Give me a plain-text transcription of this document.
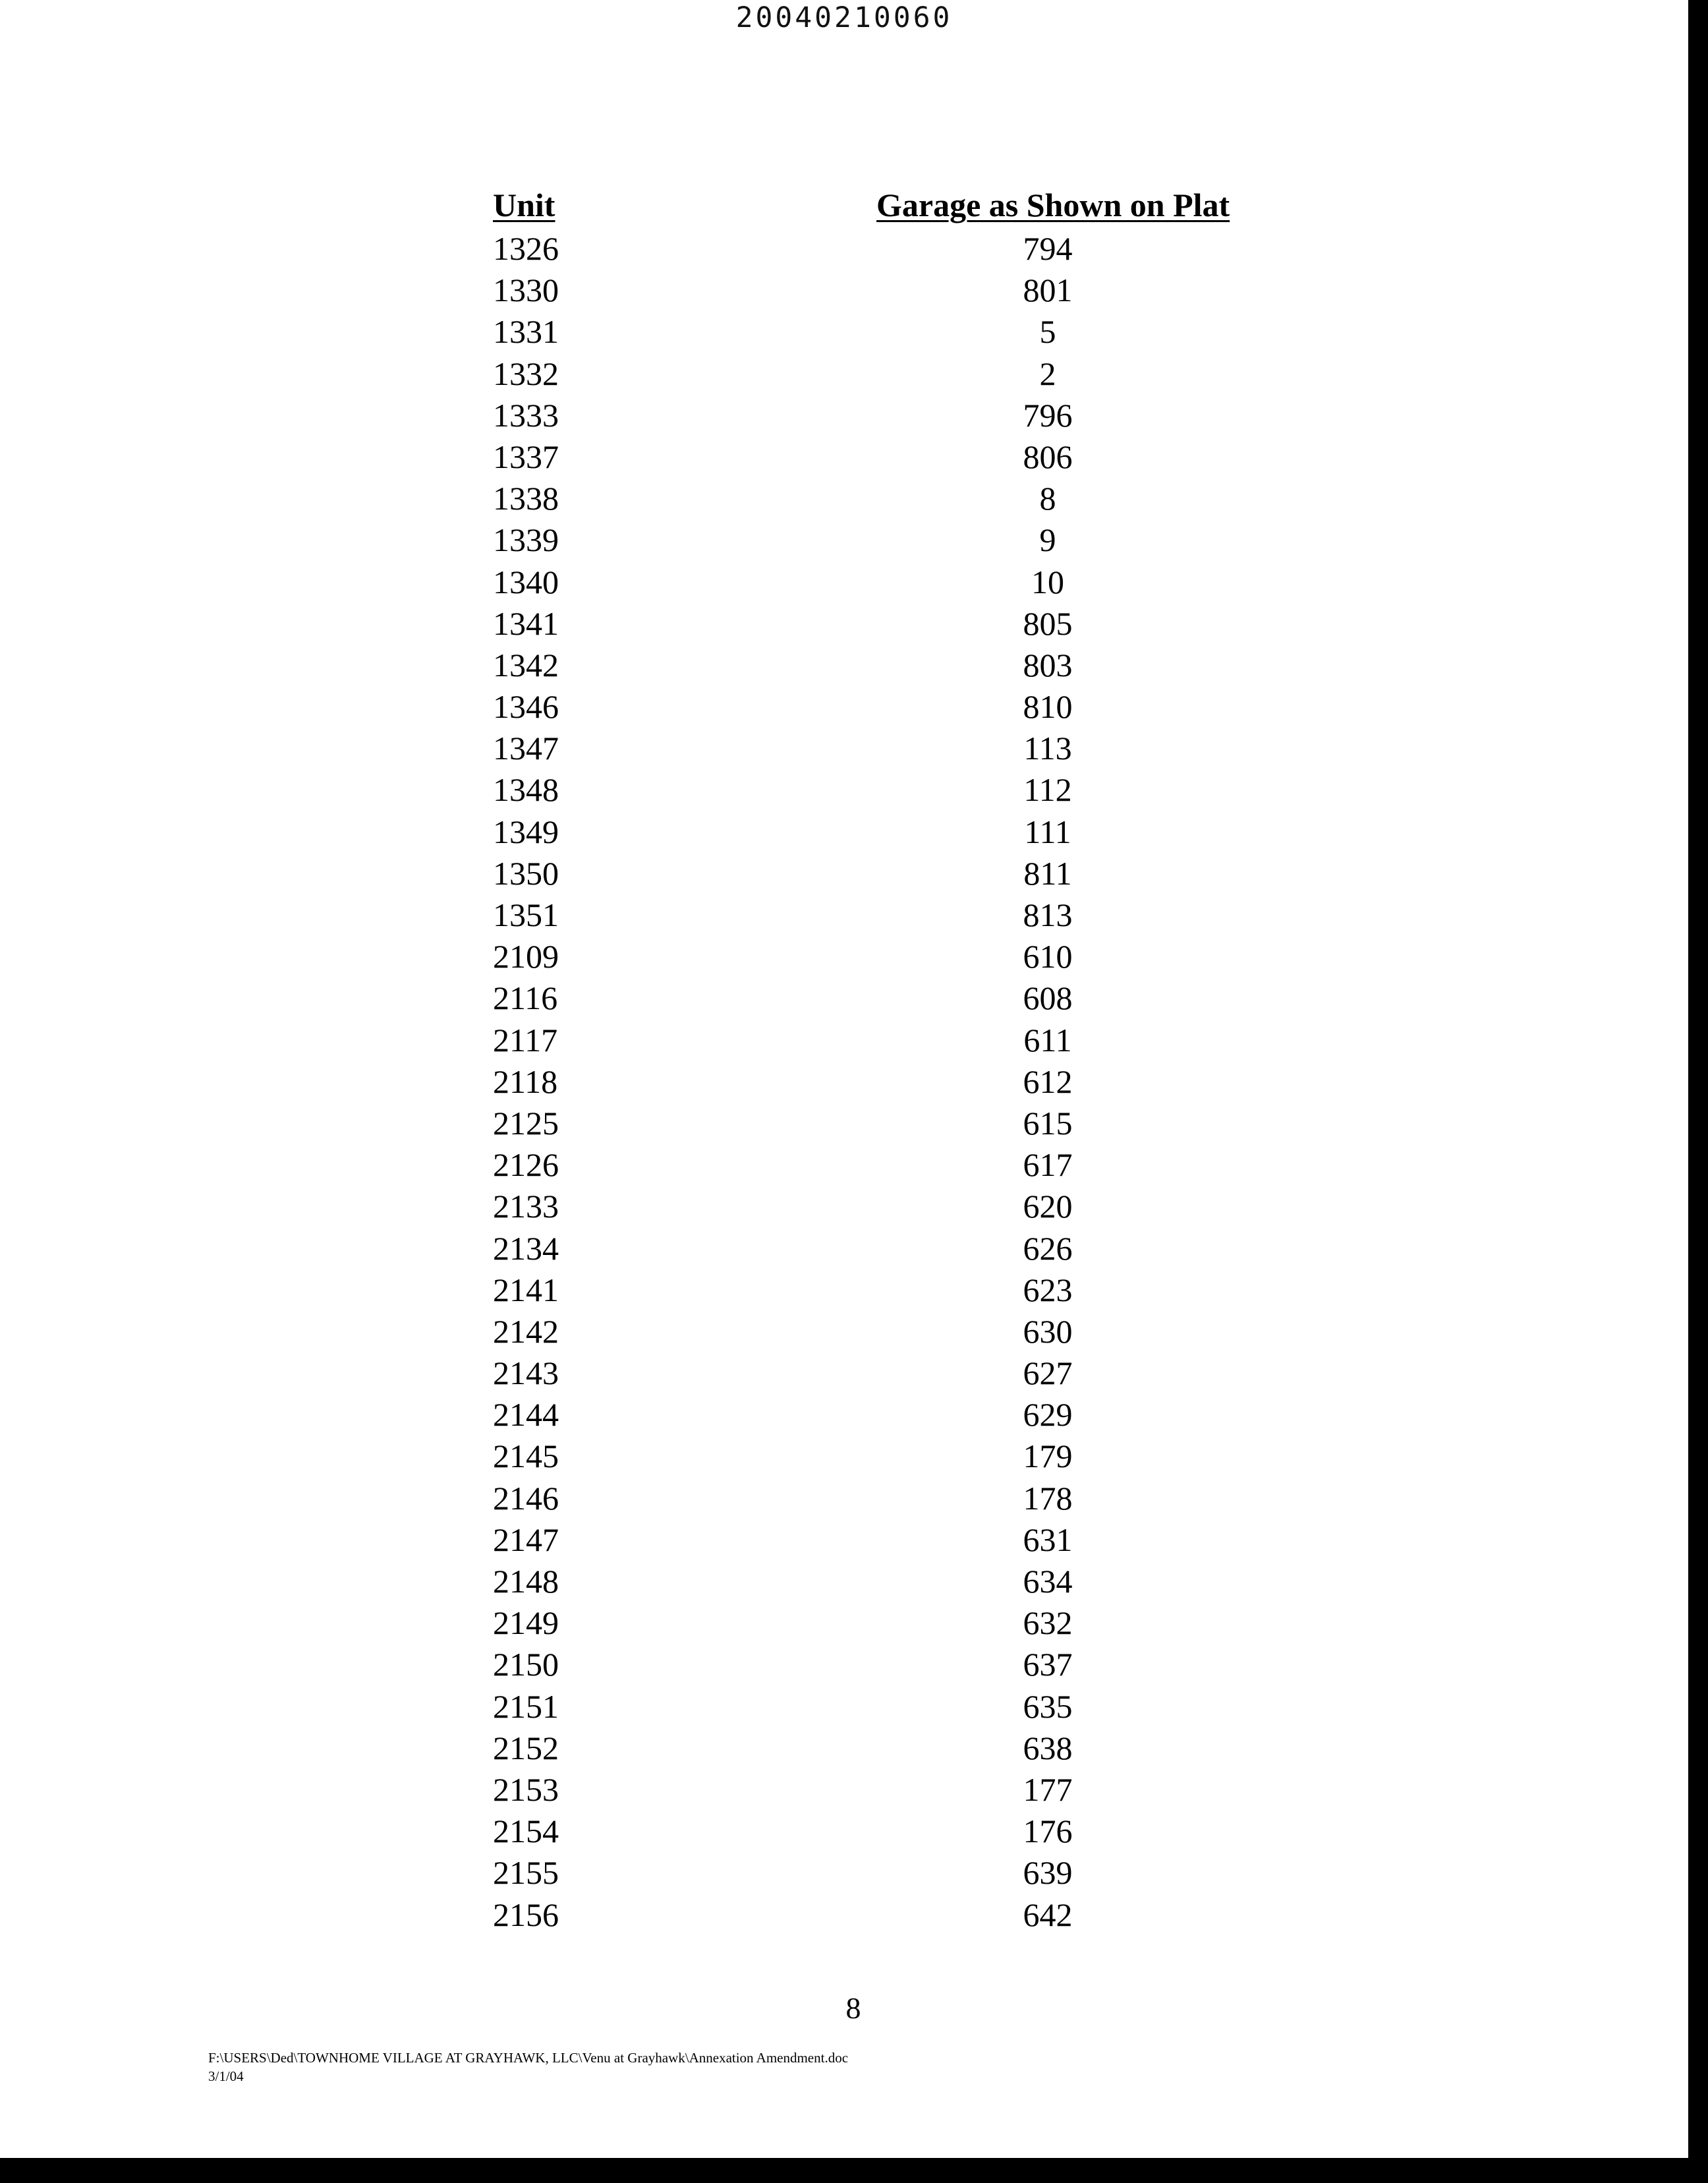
20040210060
Unit	Garage as Shown on Plat
1326	794
1330	801
1331	5
1332	2
1333	796
1337	806
1338	8
1339	9
1340	10
1341	805
1342	803
1346	810
1347	113
1348	112
1349	111
1350	811
1351	813
2109	610
2116	608
2117	611
2118	612
2125	615
2126	617
2133	620
2134	626
2141	623
2142	630
2143	627
2144	629
2145	179
2146	178
2147	631
2148	634
2149	632
2150	637
2151	635
2152	638
2153	177
2154	176
2155	639
2156	642
8
F:\USERS\Ded\TOWNHOME VILLAGE AT GRAYHAWK, LLC\Venu at Grayhawk\Annexation Amendment.doc
3/1/04
